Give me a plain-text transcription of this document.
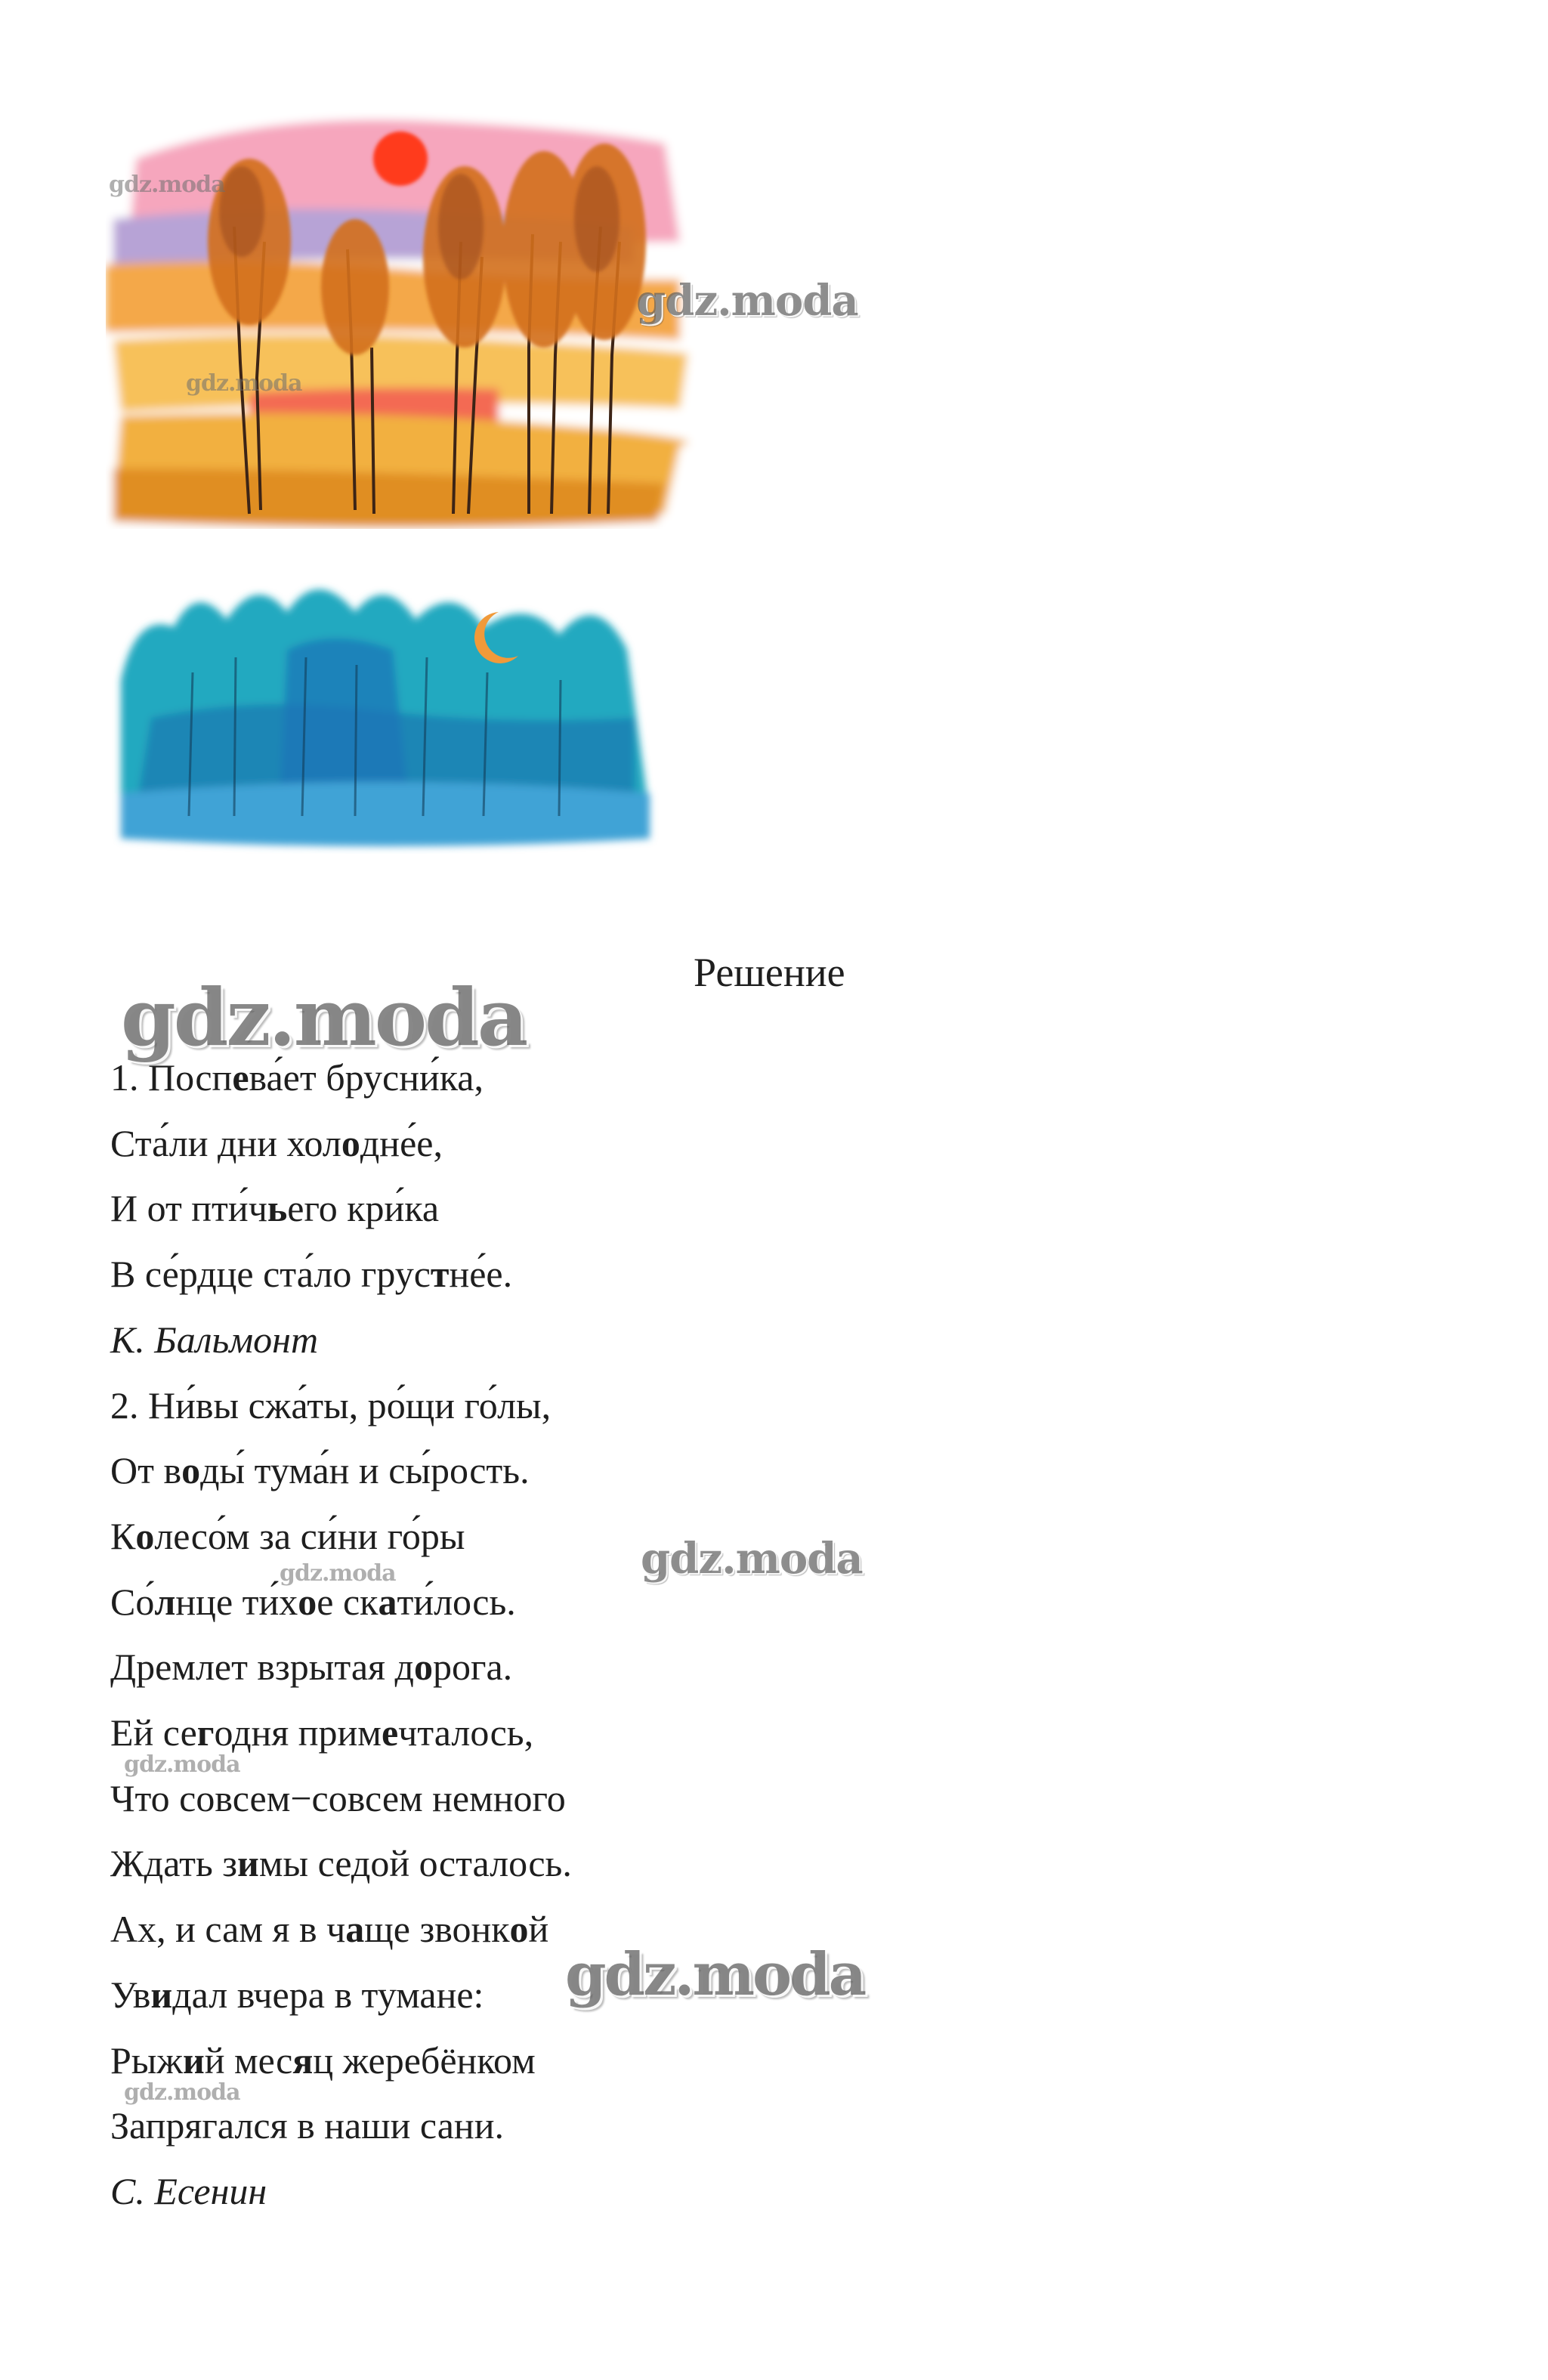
Решение

1. Поспева́ет брусни́ка,

Ста́ли дни холодне́е,

И от пти́чьего кри́ка

В се́рдце ста́ло грустне́е.

К. Бальмонт

2. Ни́вы сжа́ты, ро́щи го́лы,

От воды́ тума́н и сы́рость.

Колесо́м за си́ни го́ры

Со́лнце ти́хое скати́лось.

Дремлет взрытая дорога.

Ей сегодня примечталось,

Что совсем−совсем немного

Ждать зимы седой осталось.

Ах, и сам я в чаще звонкой

Увидал вчера в тумане:

Рыжий месяц жеребёнком

Запрягался в наши сани.

С. Есенин

gdz.moda
gdz.moda
gdz.moda
gdz.moda
gdz.moda
gdz.moda
gdz.moda
gdz.moda
gdz.moda
